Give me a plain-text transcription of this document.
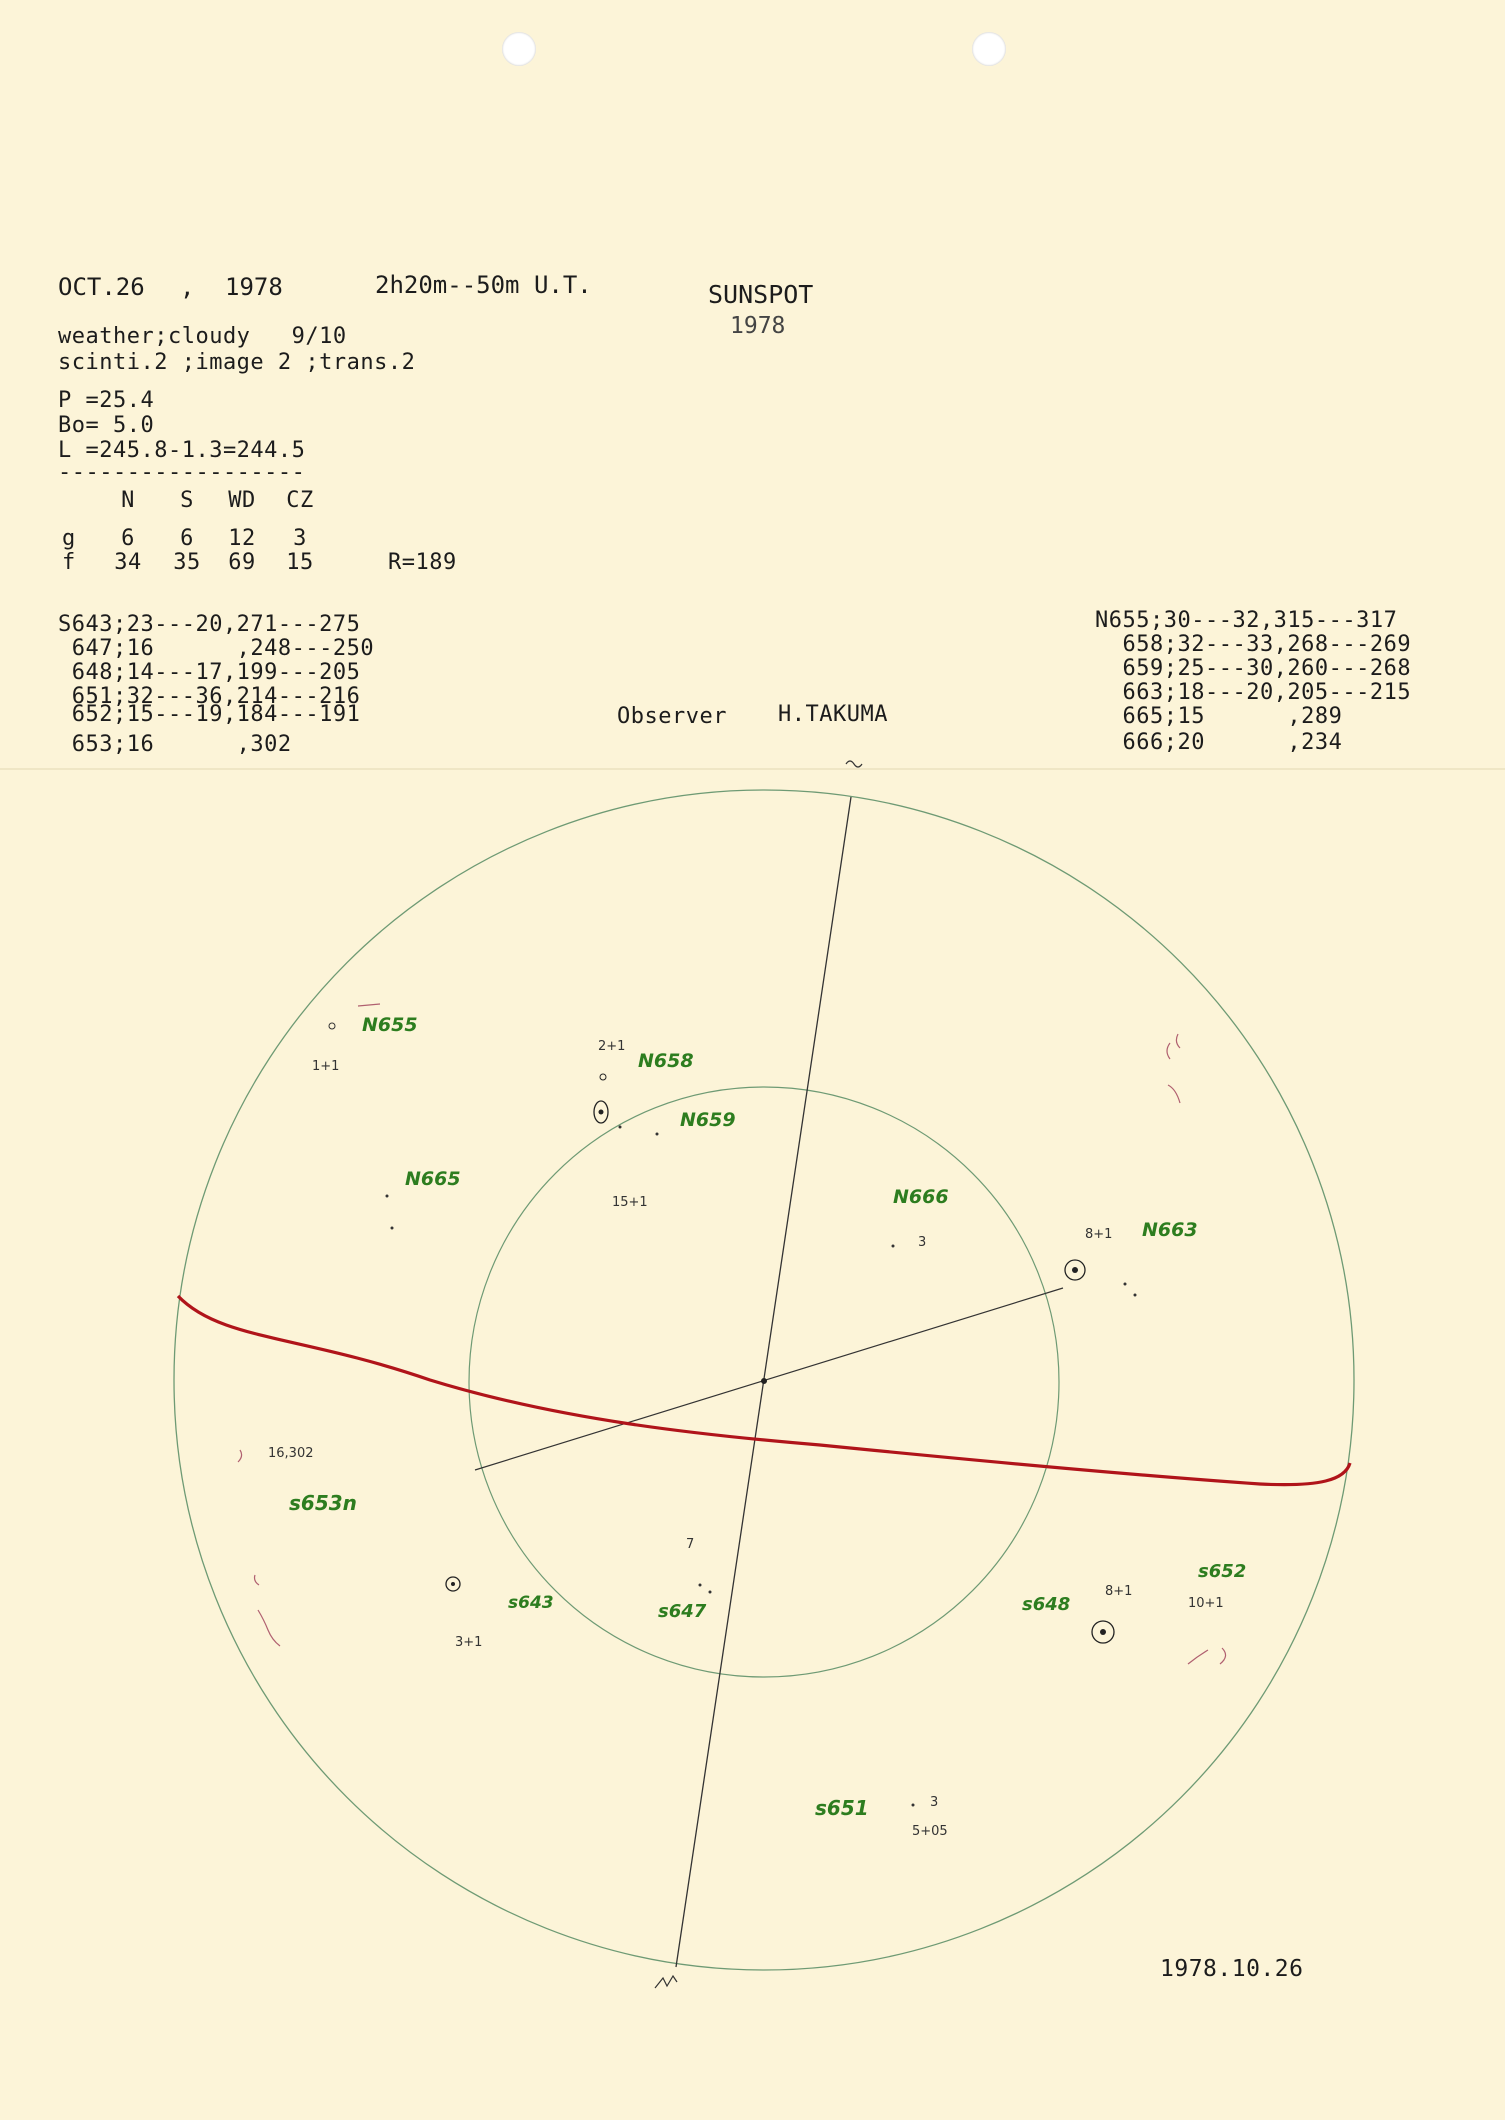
OCT.26 , 1978	2h20m--50m U.T.	SUNSPOT
1978
weather;cloudy   9/10
scinti.2 ;image 2 ;trans.2
P =25.4
Bo= 5.0
L =245.8-1.3=244.5
------------------
N	S	WD CZ
g	6	6	12	3
f 34 35 69 15	R=189
S643;23---20,271---275
647;16      ,248---250
648;14---17,199---205
651;32---36,214---216
652;15---19,184---191
653;16      ,302
N655;30---32,315---317
658;32---33,268---269
659;25---30,260---268
663;18---20,205---215
665;15      ,289
666;20      ,234
Observer H.TAKUMA
N655
N658
N659
N665
N666
N663
s653n
s643	s647	s648
s652
s651
1+1
2+1
15+1
3
8+1
16,302
3+1
7
8+1
10+1
3
5+05
1978.10.26
